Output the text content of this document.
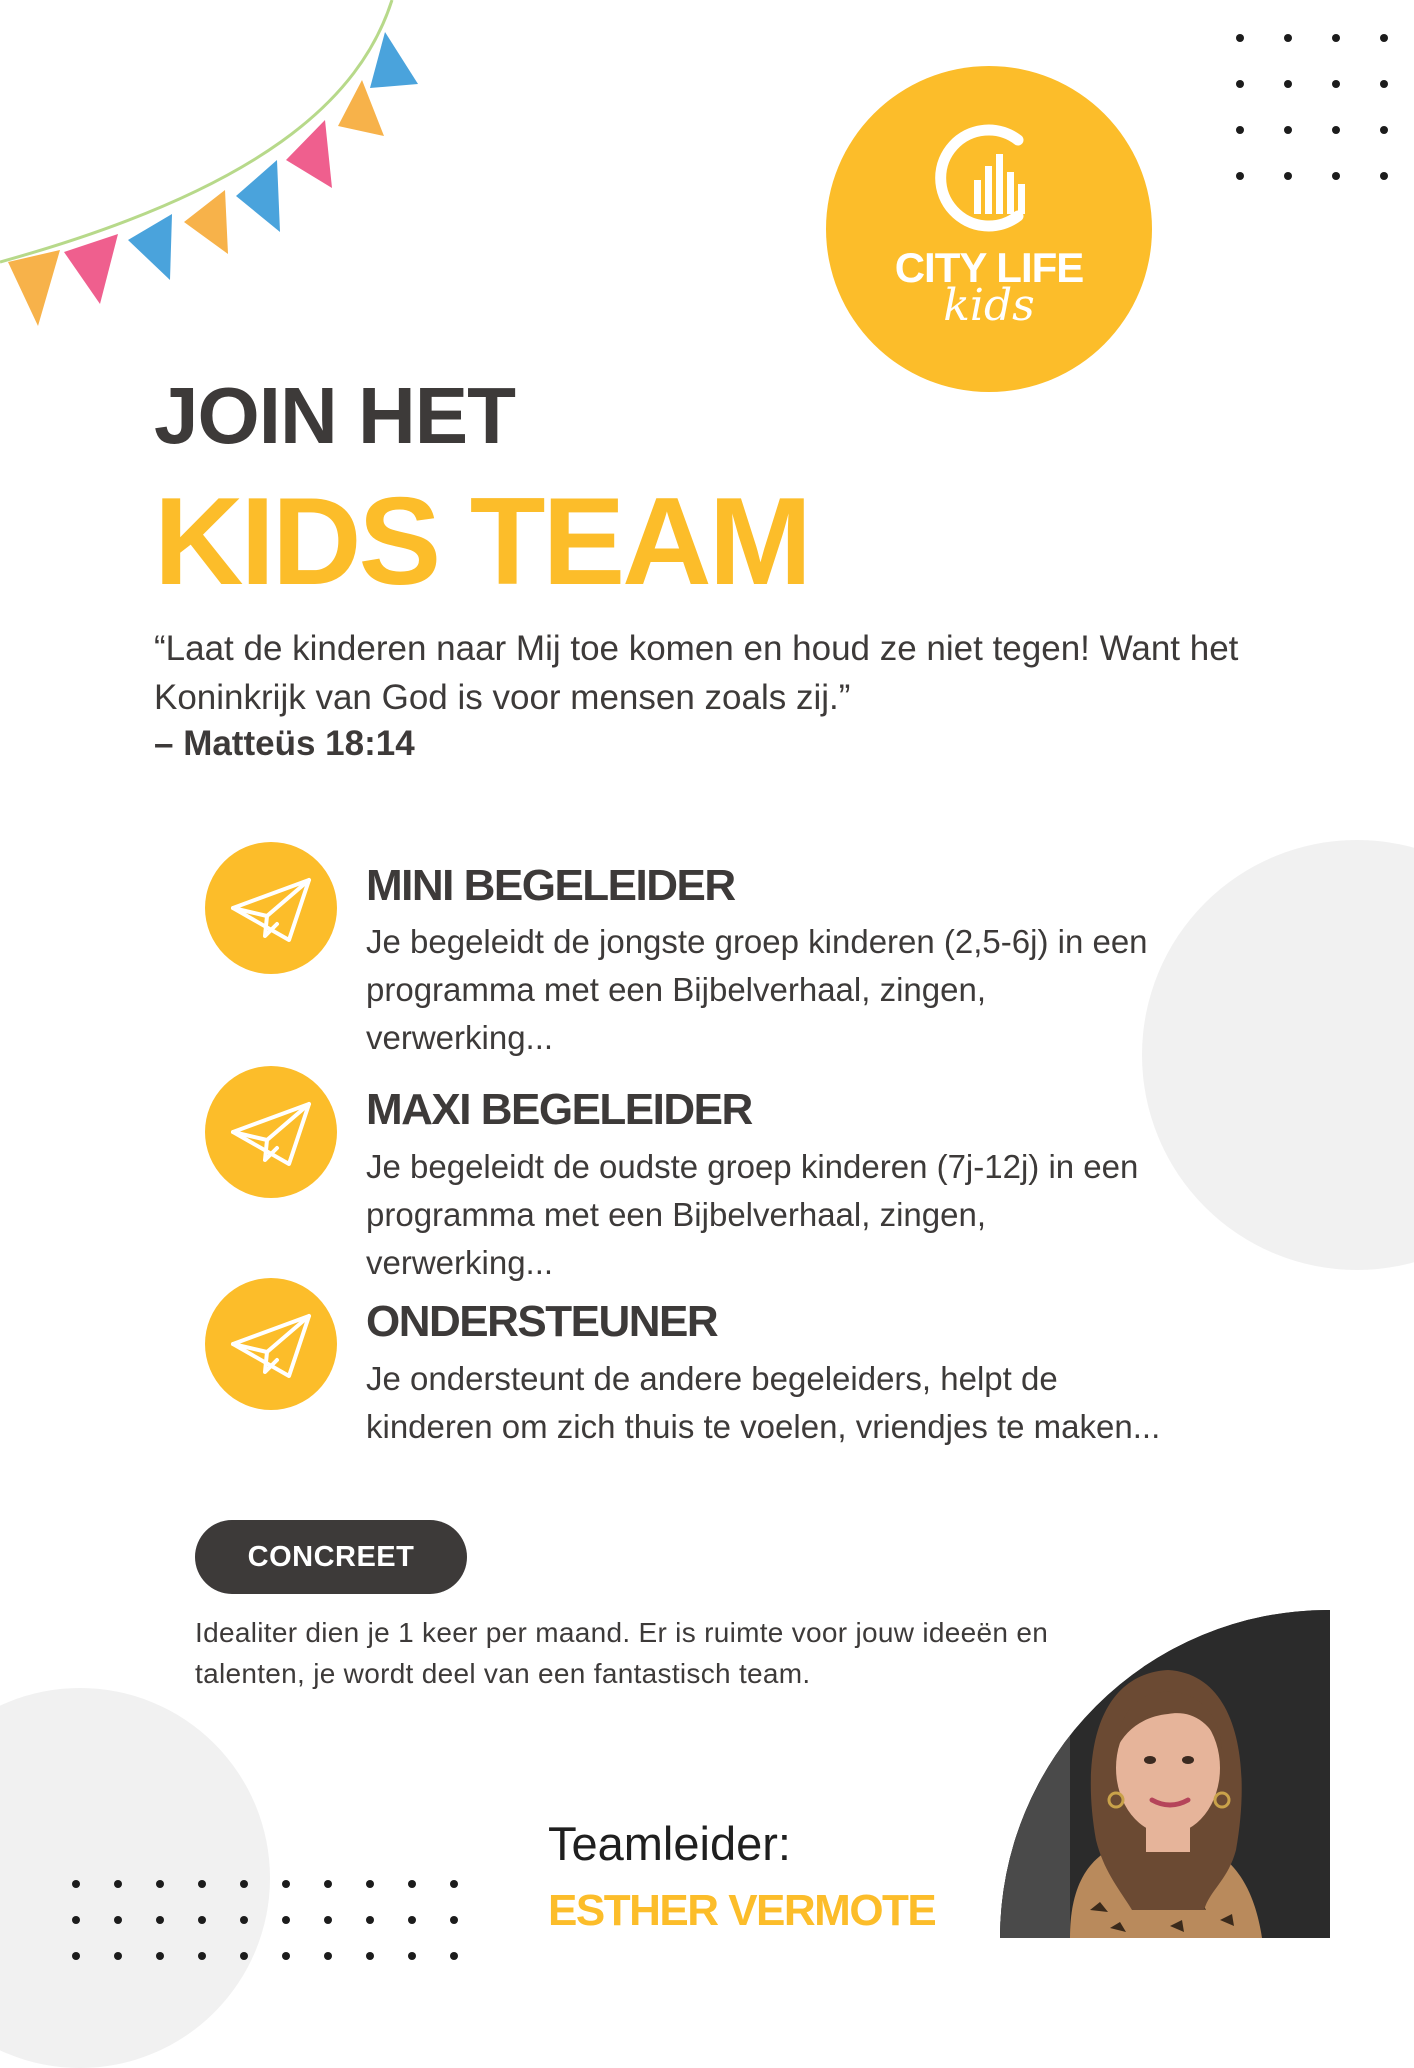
CITY LIFE
kids
JOIN HET
KIDS TEAM
“Laat de kinderen naar Mij toe komen en houd ze niet tegen! Want het Koninkrijk van God is voor mensen zoals zij.”
– Matteüs 18:14
MINI BEGELEIDER
Je begeleidt de jongste groep kinderen (2,5-6j) in een programma met een Bijbelverhaal, zingen, verwerking...
MAXI BEGELEIDER
Je begeleidt de oudste groep kinderen (7j-12j) in een programma met een Bijbelverhaal, zingen, verwerking...
ONDERSTEUNER
Je ondersteunt de andere begeleiders, helpt de kinderen om zich thuis te voelen, vriendjes te maken...
CONCREET
Idealiter dien je 1 keer per maand. Er is ruimte voor jouw ideeën en talenten, je wordt deel van een fantastisch team.
Teamleider:
ESTHER VERMOTE
